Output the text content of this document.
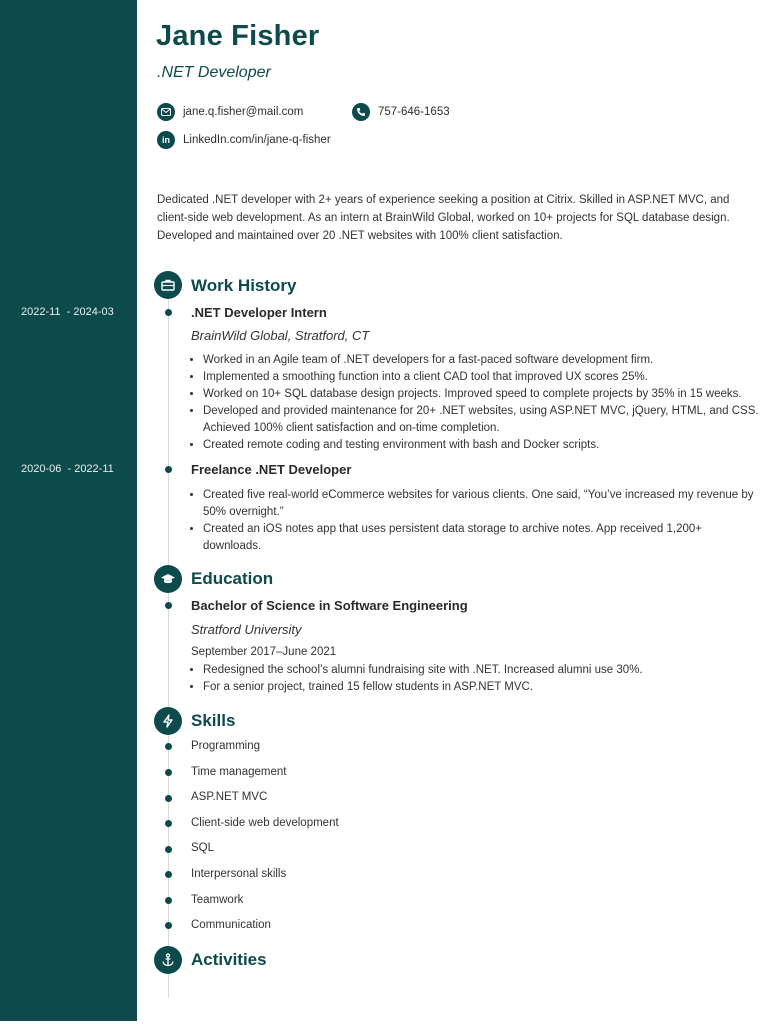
2022-11  - 2024-03
2020-06  - 2022-11
Jane Fisher
.NET Developer
jane.q.fisher@mail.com	757-646-1653
in LinkedIn.com/in/jane-q-fisher
Dedicated .NET developer with 2+ years of experience seeking a position at Citrix. Skilled in ASP.NET MVC, and client-side web development. As an intern at BrainWild Global, worked on 10+ projects for SQL database design. Developed and maintained over 20 .NET websites with 100% client satisfaction.
Work History
.NET Developer Intern
BrainWild Global, Stratford, CT
• Worked in an Agile team of .NET developers for a fast-paced software development firm.
• Implemented a smoothing function into a client CAD tool that improved UX scores 25%.
• Worked on 10+ SQL database design projects. Improved speed to complete projects by 35% in 15 weeks.
• Developed and provided maintenance for 20+ .NET websites, using ASP.NET MVC, jQuery, HTML, and CSS. Achieved 100% client satisfaction and on-time completion.
• Created remote coding and testing environment with bash and Docker scripts.
Freelance .NET Developer
• Created five real-world eCommerce websites for various clients. One said, “You’ve increased my revenue by 50% overnight.”
• Created an iOS notes app that uses persistent data storage to archive notes. App received 1,200+ downloads.
Education
Bachelor of Science in Software Engineering
Stratford University
September 2017–June 2021
• Redesigned the school’s alumni fundraising site with .NET. Increased alumni use 30%.
• For a senior project, trained 15 fellow students in ASP.NET MVC.
Skills
Programming
Time management
ASP.NET MVC
Client-side web development
SQL
Interpersonal skills
Teamwork
Communication
Activities
